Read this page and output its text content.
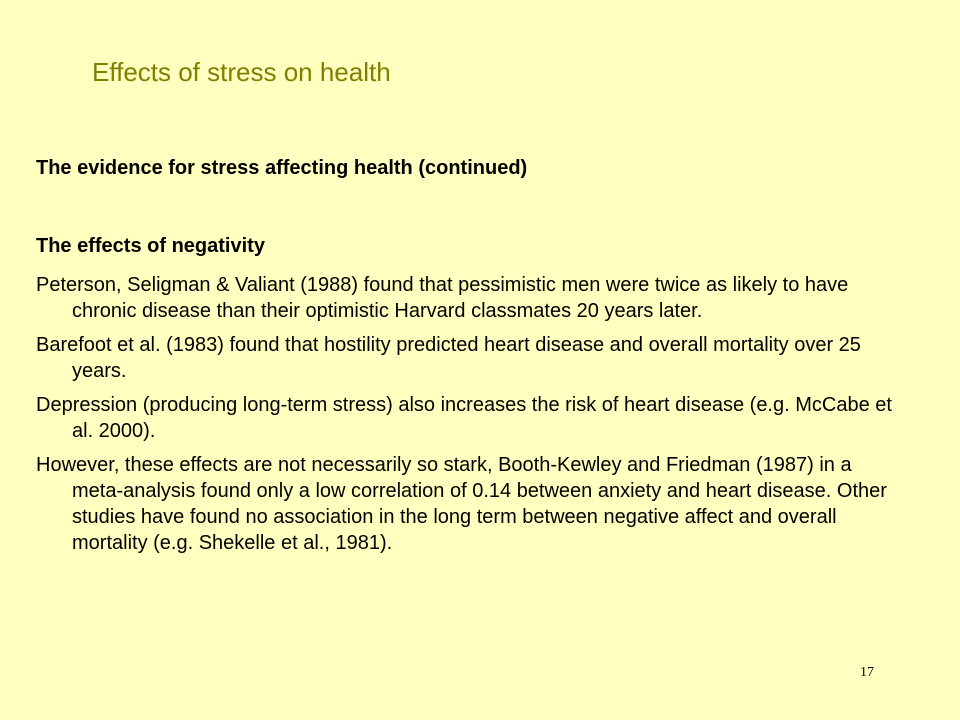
Effects of stress on health
The evidence for stress affecting health (continued)
The effects of negativity

Peterson, Seligman & Valiant (1988) found that pessimistic men were twice as likely to have chronic disease than their optimistic Harvard classmates 20 years later.

Barefoot et al. (1983) found that hostility predicted heart disease and overall mortality over 25 years.

Depression (producing long-term stress) also increases the risk of heart disease (e.g. McCabe et al. 2000).

However, these effects are not necessarily so stark, Booth-Kewley and Friedman (1987) in a meta-analysis found only a low correlation of 0.14 between anxiety and heart disease. Other studies have found no association in the long term between negative affect and overall mortality (e.g. Shekelle et al., 1981).

17
